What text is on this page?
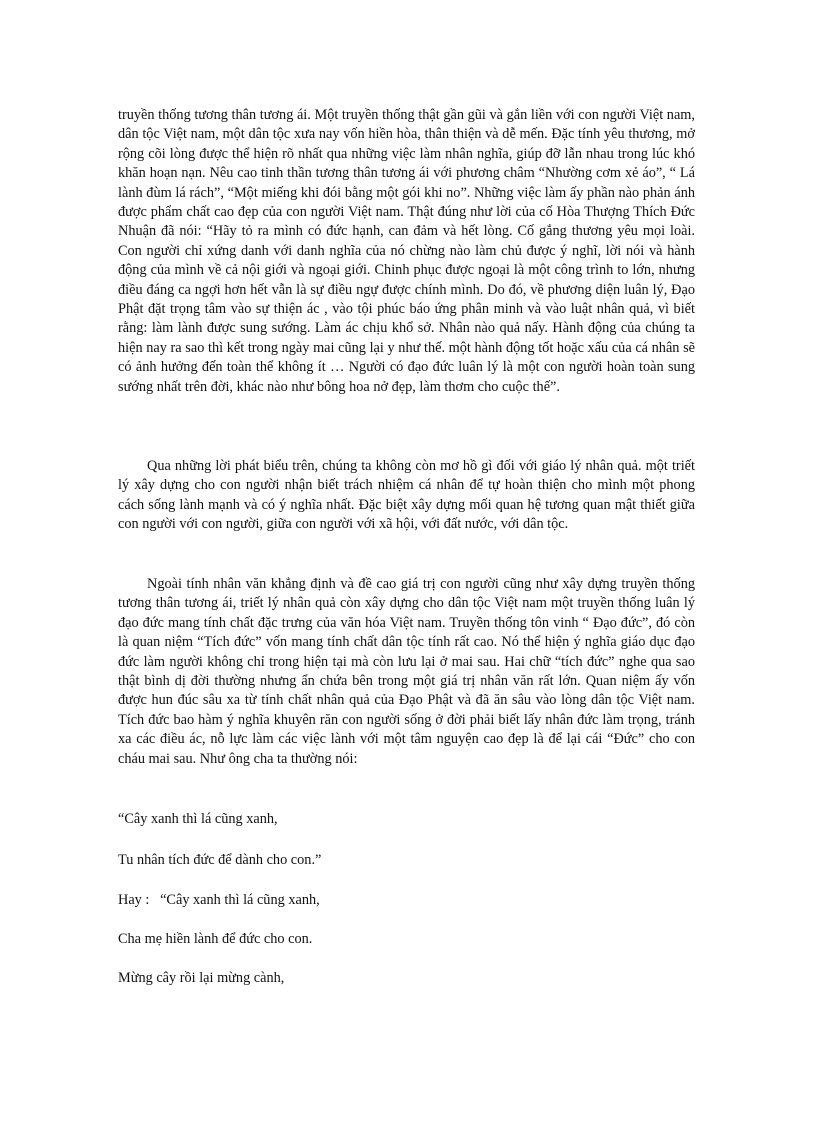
truyền thống tương thân tương ái. Một truyền thống thật gần gũi và gắn liền với con người Việt nam, dân tộc Việt nam, một dân tộc xưa nay vốn hiền hòa, thân thiện và dễ mến. Đặc tính yêu thương, mở rộng cõi lòng được thể hiện rõ nhất qua những việc làm nhân nghĩa, giúp đỡ lẫn nhau trong lúc khó khăn hoạn nạn. Nêu cao tinh thần tương thân tương ái với phương châm “Nhường cơm xẻ áo”, “ Lá lành đùm lá rách”, “Một miếng khi đói bằng một gói khi no”. Những việc làm ấy phần nào phản ánh được phẩm chất cao đẹp của con người Việt nam. Thật đúng như lời của cố Hòa Thượng Thích Đức Nhuận đã nói: “Hãy tỏ ra mình có đức hạnh, can đảm và hết lòng. Cố gắng thương yêu mọi loài. Con người chỉ xứng danh với danh nghĩa của nó chừng nào làm chủ được ý nghĩ, lời nói và hành động của mình về cả nội giới và ngoại giới. Chinh phục được ngoại là một công trình to lớn, nhưng điều đáng ca ngợi hơn hết vẫn là sự điều ngự được chính mình. Do đó, về phương diện luân lý, Đạo Phật đặt trọng tâm vào sự thiện ác , vào tội phúc báo ứng phân minh và vào luật nhân quả, vì biết rằng: làm lành được sung sướng. Làm ác chịu khổ sở. Nhân nào quả nấy. Hành động của chúng ta hiện nay ra sao thì kết trong ngày mai cũng lại y như thế. một hành động tốt hoặc xấu của cá nhân sẽ có ảnh hưởng đến toàn thể không ít … Người có đạo đức luân lý là một con người hoàn toàn sung sướng nhất trên đời, khác nào như bông hoa nở đẹp, làm thơm cho cuộc thế”.

Qua những lời phát biểu trên, chúng ta không còn mơ hồ gì đối với giáo lý nhân quả. một triết lý xây dựng cho con người nhận biết trách nhiệm cá nhân để tự hoàn thiện cho mình một phong cách sống lành mạnh và có ý nghĩa nhất. Đặc biệt xây dựng mối quan hệ tương quan mật thiết giữa con người với con người, giữa con người với xã hội, với đất nước, với dân tộc.

Ngoài tính nhân văn khẳng định và đề cao giá trị con người cũng như xây dựng truyền thống tương thân tương ái, triết lý nhân quả còn xây dựng cho dân tộc Việt nam một truyền thống luân lý đạo đức mang tính chất đặc trưng của văn hóa Việt nam. Truyền thống tôn vinh “ Đạo đức”, đó còn là quan niệm “Tích đức” vốn mang tính chất dân tộc tính rất cao. Nó thể hiện ý nghĩa giáo dục đạo đức làm người không chỉ trong hiện tại mà còn lưu lại ở mai sau. Hai chữ “tích đức” nghe qua sao thật bình dị đời thường nhưng ẩn chứa bên trong một giá trị nhân văn rất lớn. Quan niệm ấy vốn được hun đúc sâu xa từ tính chất nhân quả của Đạo Phật và đã ăn sâu vào lòng dân tộc Việt nam. Tích đức bao hàm ý nghĩa khuyên răn con người sống ở đời phải biết lấy nhân đức làm trọng, tránh xa các điều ác, nỗ lực làm các việc lành với một tâm nguyện cao đẹp là để lại cái “Đức” cho con cháu mai sau. Như ông cha ta thường nói:

“Cây xanh thì lá cũng xanh,

Tu nhân tích đức để dành cho con.”

Hay :   “Cây xanh thì lá cũng xanh,

Cha mẹ hiền lành để đức cho con.

Mừng cây rồi lại mừng cành,
